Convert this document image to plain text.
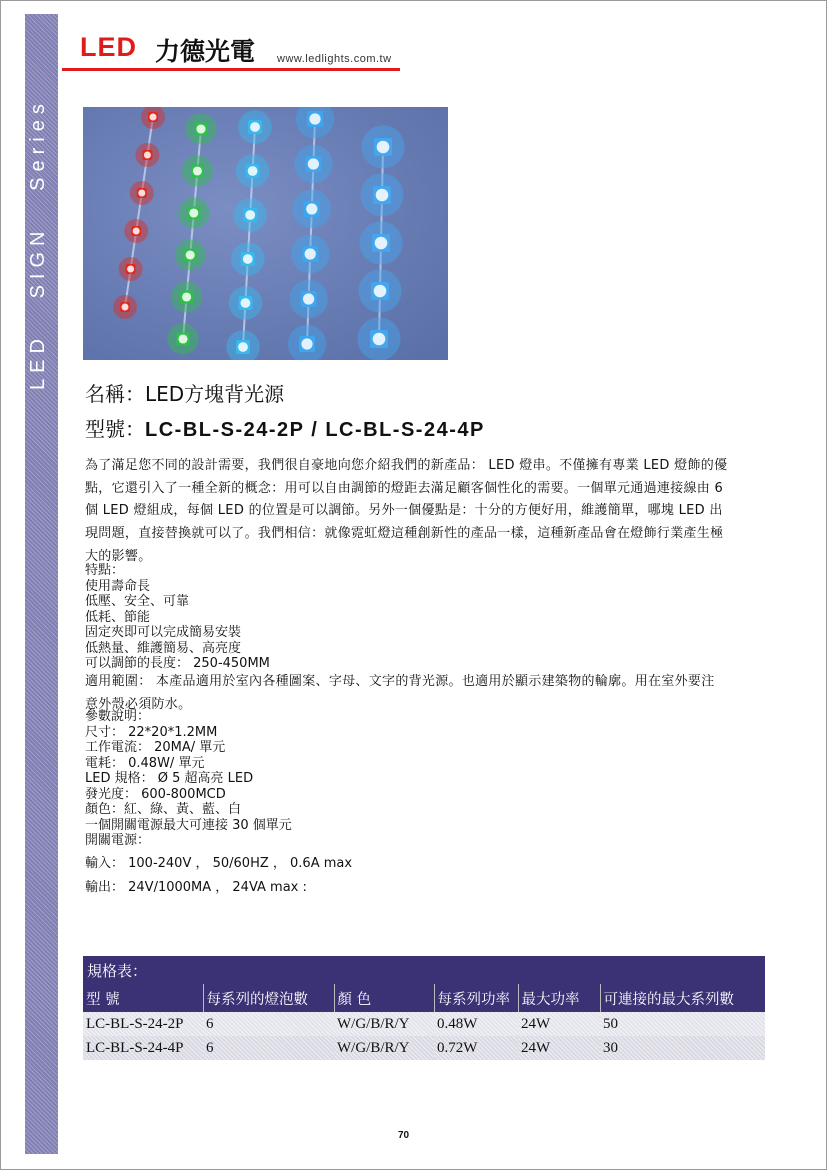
LED   SIGN   Series
LED 力德光電 www.ledlights.com.tw
名稱：LED方塊背光源
型號：LC-BL-S-24-2P / LC-BL-S-24-4P
為了滿足您不同的設計需要，我們很自豪地向您介紹我們的新產品： LED 燈串。不僅擁有專業 LED 燈飾的優
點，它還引入了一種全新的概念：用可以自由調節的燈距去滿足顧客個性化的需要。一個單元通過連接線由 6
個 LED 燈組成，每個 LED 的位置是可以調節。另外一個優點是：十分的方便好用，維護簡單，哪塊 LED 出
現問題，直接替換就可以了。我們相信：就像霓虹燈這種創新性的產品一樣，這種新產品會在燈飾行業產生極
大的影響。
特點：
使用壽命長
低壓、安全、可靠
低耗、節能
固定夾即可以完成簡易安裝
低熱量、維護簡易、高亮度
可以調節的長度： 250-450MM
適用範圍： 本產品適用於室內各種圖案、字母、文字的背光源。也適用於顯示建築物的輪廓。用在室外要注
意外殼必須防水。
參數說明：
尺寸： 22*20*1.2MM
工作電流： 20MA/ 單元
電耗： 0.48W/ 單元
LED 規格： Ø 5 超高亮 LED
發光度： 600-800MCD
顏色：紅、綠、黃、藍、白
一個開關電源最大可連接 30 個單元
開關電源：
輸入： 100-240V ， 50/60HZ ， 0.6A max
輸出： 24V/1000MA ， 24VA max :
規格表：					
型 號	每系列的燈泡數	顏 色	每系列功率	最大功率	可連接的最大系列數
LC-BL-S-24-2P	6	W/G/B/R/Y	0.48W	24W	50
LC-BL-S-24-4P	6	W/G/B/R/Y	0.72W	24W	30
70
